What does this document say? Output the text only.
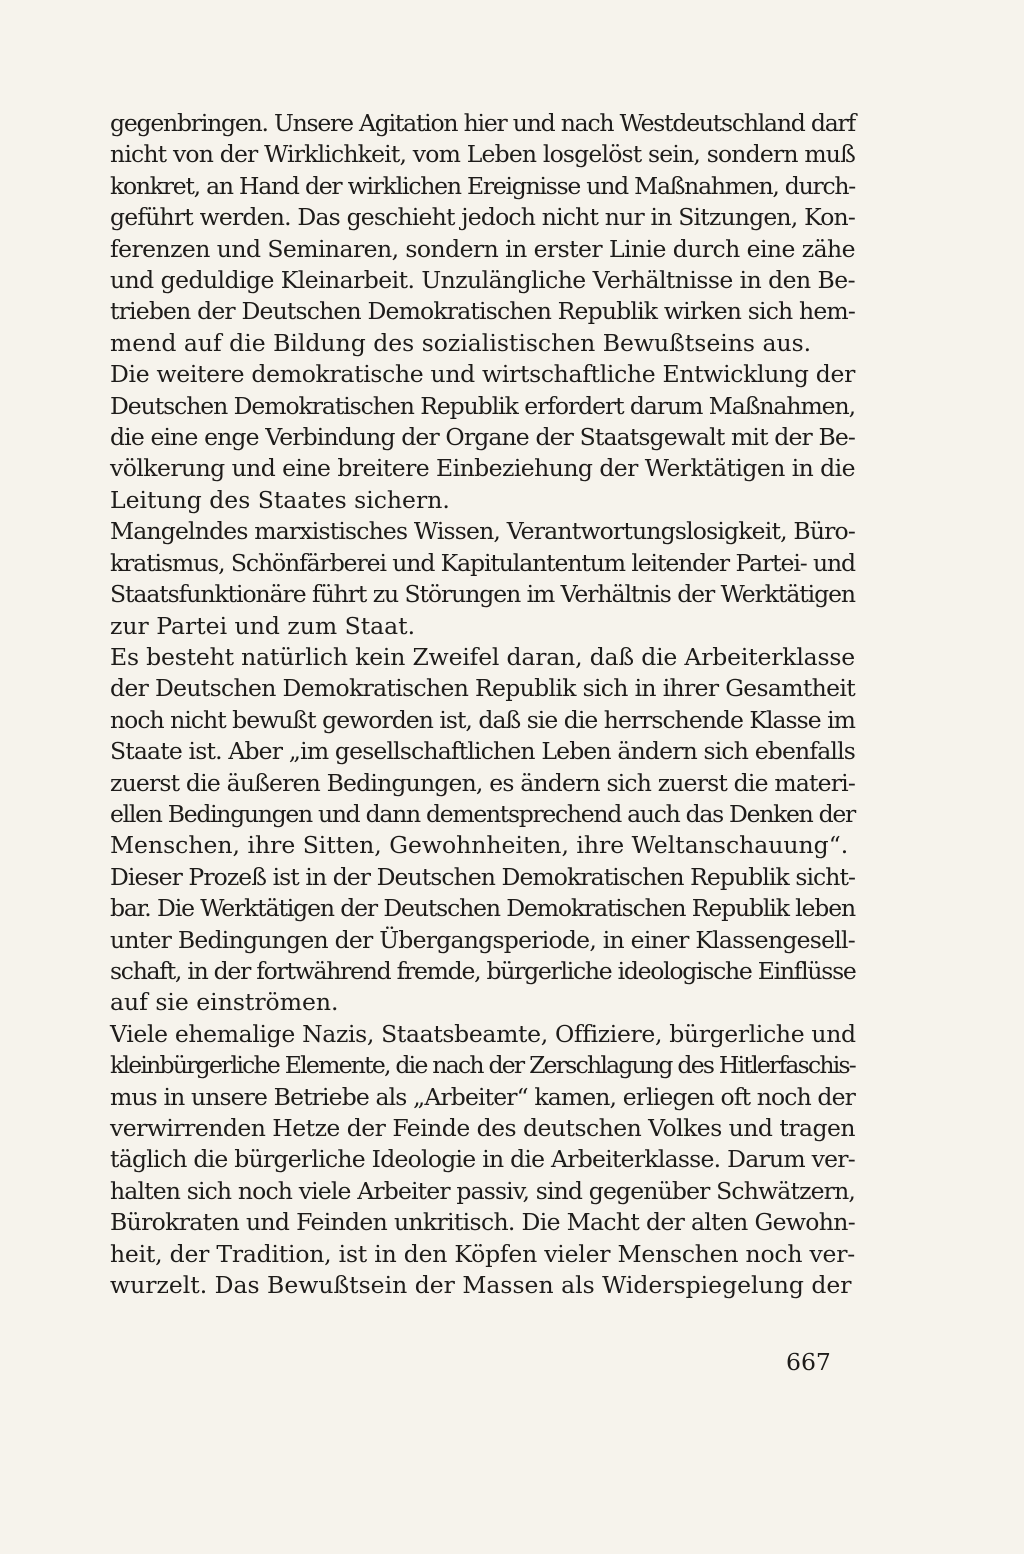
gegenbringen. Unsere Agitation hier und nach Westdeutschland darf
nicht von der Wirklichkeit, vom Leben losgelöst sein, sondern muß
konkret, an Hand der wirklichen Ereignisse und Maßnahmen, durch-
geführt werden. Das geschieht jedoch nicht nur in Sitzungen, Kon-
ferenzen und Seminaren, sondern in erster Linie durch eine zähe
und geduldige Kleinarbeit. Unzulängliche Verhältnisse in den Be-
trieben der Deutschen Demokratischen Republik wirken sich hem-
mend auf die Bildung des sozialistischen Bewußtseins aus.
Die weitere demokratische und wirtschaftliche Entwicklung der
Deutschen Demokratischen Republik erfordert darum Maßnahmen,
die eine enge Verbindung der Organe der Staatsgewalt mit der Be-
völkerung und eine breitere Einbeziehung der Werktätigen in die
Leitung des Staates sichern.
Mangelndes marxistisches Wissen, Verantwortungslosigkeit, Büro-
kratismus, Schönfärberei und Kapitulantentum leitender Partei- und
Staatsfunktionäre führt zu Störungen im Verhältnis der Werktätigen
zur Partei und zum Staat.
Es besteht natürlich kein Zweifel daran, daß die Arbeiterklasse
der Deutschen Demokratischen Republik sich in ihrer Gesamtheit
noch nicht bewußt geworden ist, daß sie die herrschende Klasse im
Staate ist. Aber „im gesellschaftlichen Leben ändern sich ebenfalls
zuerst die äußeren Bedingungen, es ändern sich zuerst die materi-
ellen Bedingungen und dann dementsprechend auch das Denken der
Menschen, ihre Sitten, Gewohnheiten, ihre Weltanschauung“.
Dieser Prozeß ist in der Deutschen Demokratischen Republik sicht-
bar. Die Werktätigen der Deutschen Demokratischen Republik leben
unter Bedingungen der Übergangsperiode, in einer Klassengesell-
schaft, in der fortwährend fremde, bürgerliche ideologische Einflüsse
auf sie einströmen.
Viele ehemalige Nazis, Staatsbeamte, Offiziere, bürgerliche und
kleinbürgerliche Elemente, die nach der Zerschlagung des Hitlerfaschis-
mus in unsere Betriebe als „Arbeiter“ kamen, erliegen oft noch der
verwirrenden Hetze der Feinde des deutschen Volkes und tragen
täglich die bürgerliche Ideologie in die Arbeiterklasse. Darum ver-
halten sich noch viele Arbeiter passiv, sind gegenüber Schwätzern,
Bürokraten und Feinden unkritisch. Die Macht der alten Gewohn-
heit, der Tradition, ist in den Köpfen vieler Menschen noch ver-
wurzelt. Das Bewußtsein der Massen als Widerspiegelung der
667
